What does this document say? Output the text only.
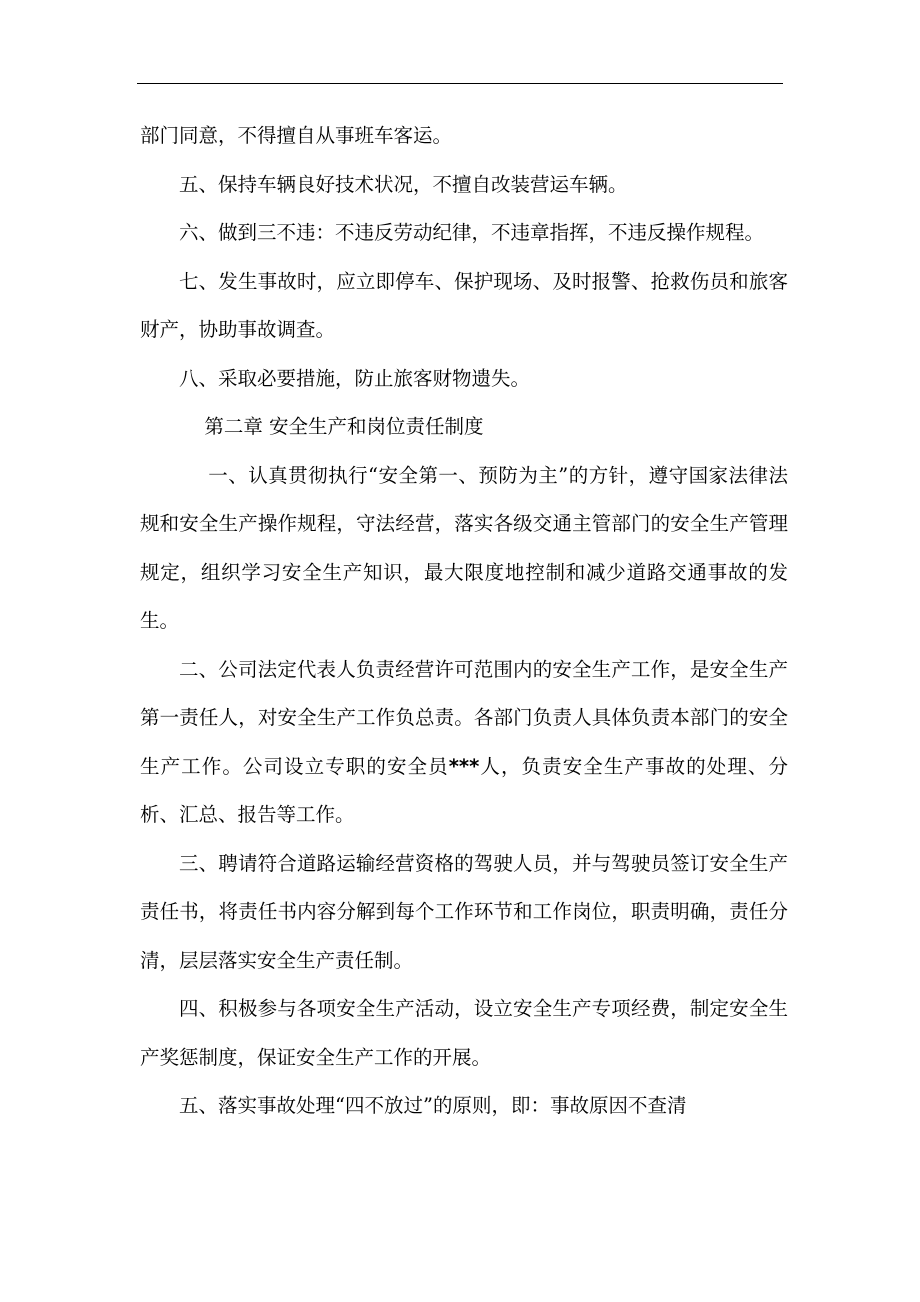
部门同意，不得擅自从事班车客运。

五、保持车辆良好技术状况，不擅自改装营运车辆。

六、做到三不违：不违反劳动纪律，不违章指挥，不违反操作规程。

七、发生事故时，应立即停车、保护现场、及时报警、抢救伤员和旅客财产，协助事故调查。

八、采取必要措施，防止旅客财物遗失。

第二章 安全生产和岗位责任制度

一、认真贯彻执行“安全第一、预防为主”的方针，遵守国家法律法规和安全生产操作规程，守法经营，落实各级交通主管部门的安全生产管理规定，组织学习安全生产知识，最大限度地控制和减少道路交通事故的发生。

二、公司法定代表人负责经营许可范围内的安全生产工作，是安全生产第一责任人，对安全生产工作负总责。各部门负责人具体负责本部门的安全生产工作。公司设立专职的安全员***人，负责安全生产事故的处理、分析、汇总、报告等工作。

三、聘请符合道路运输经营资格的驾驶人员，并与驾驶员签订安全生产责任书，将责任书内容分解到每个工作环节和工作岗位，职责明确，责任分清，层层落实安全生产责任制。

四、积极参与各项安全生产活动，设立安全生产专项经费，制定安全生产奖惩制度，保证安全生产工作的开展。

五、落实事故处理“四不放过”的原则，即：事故原因不查清
